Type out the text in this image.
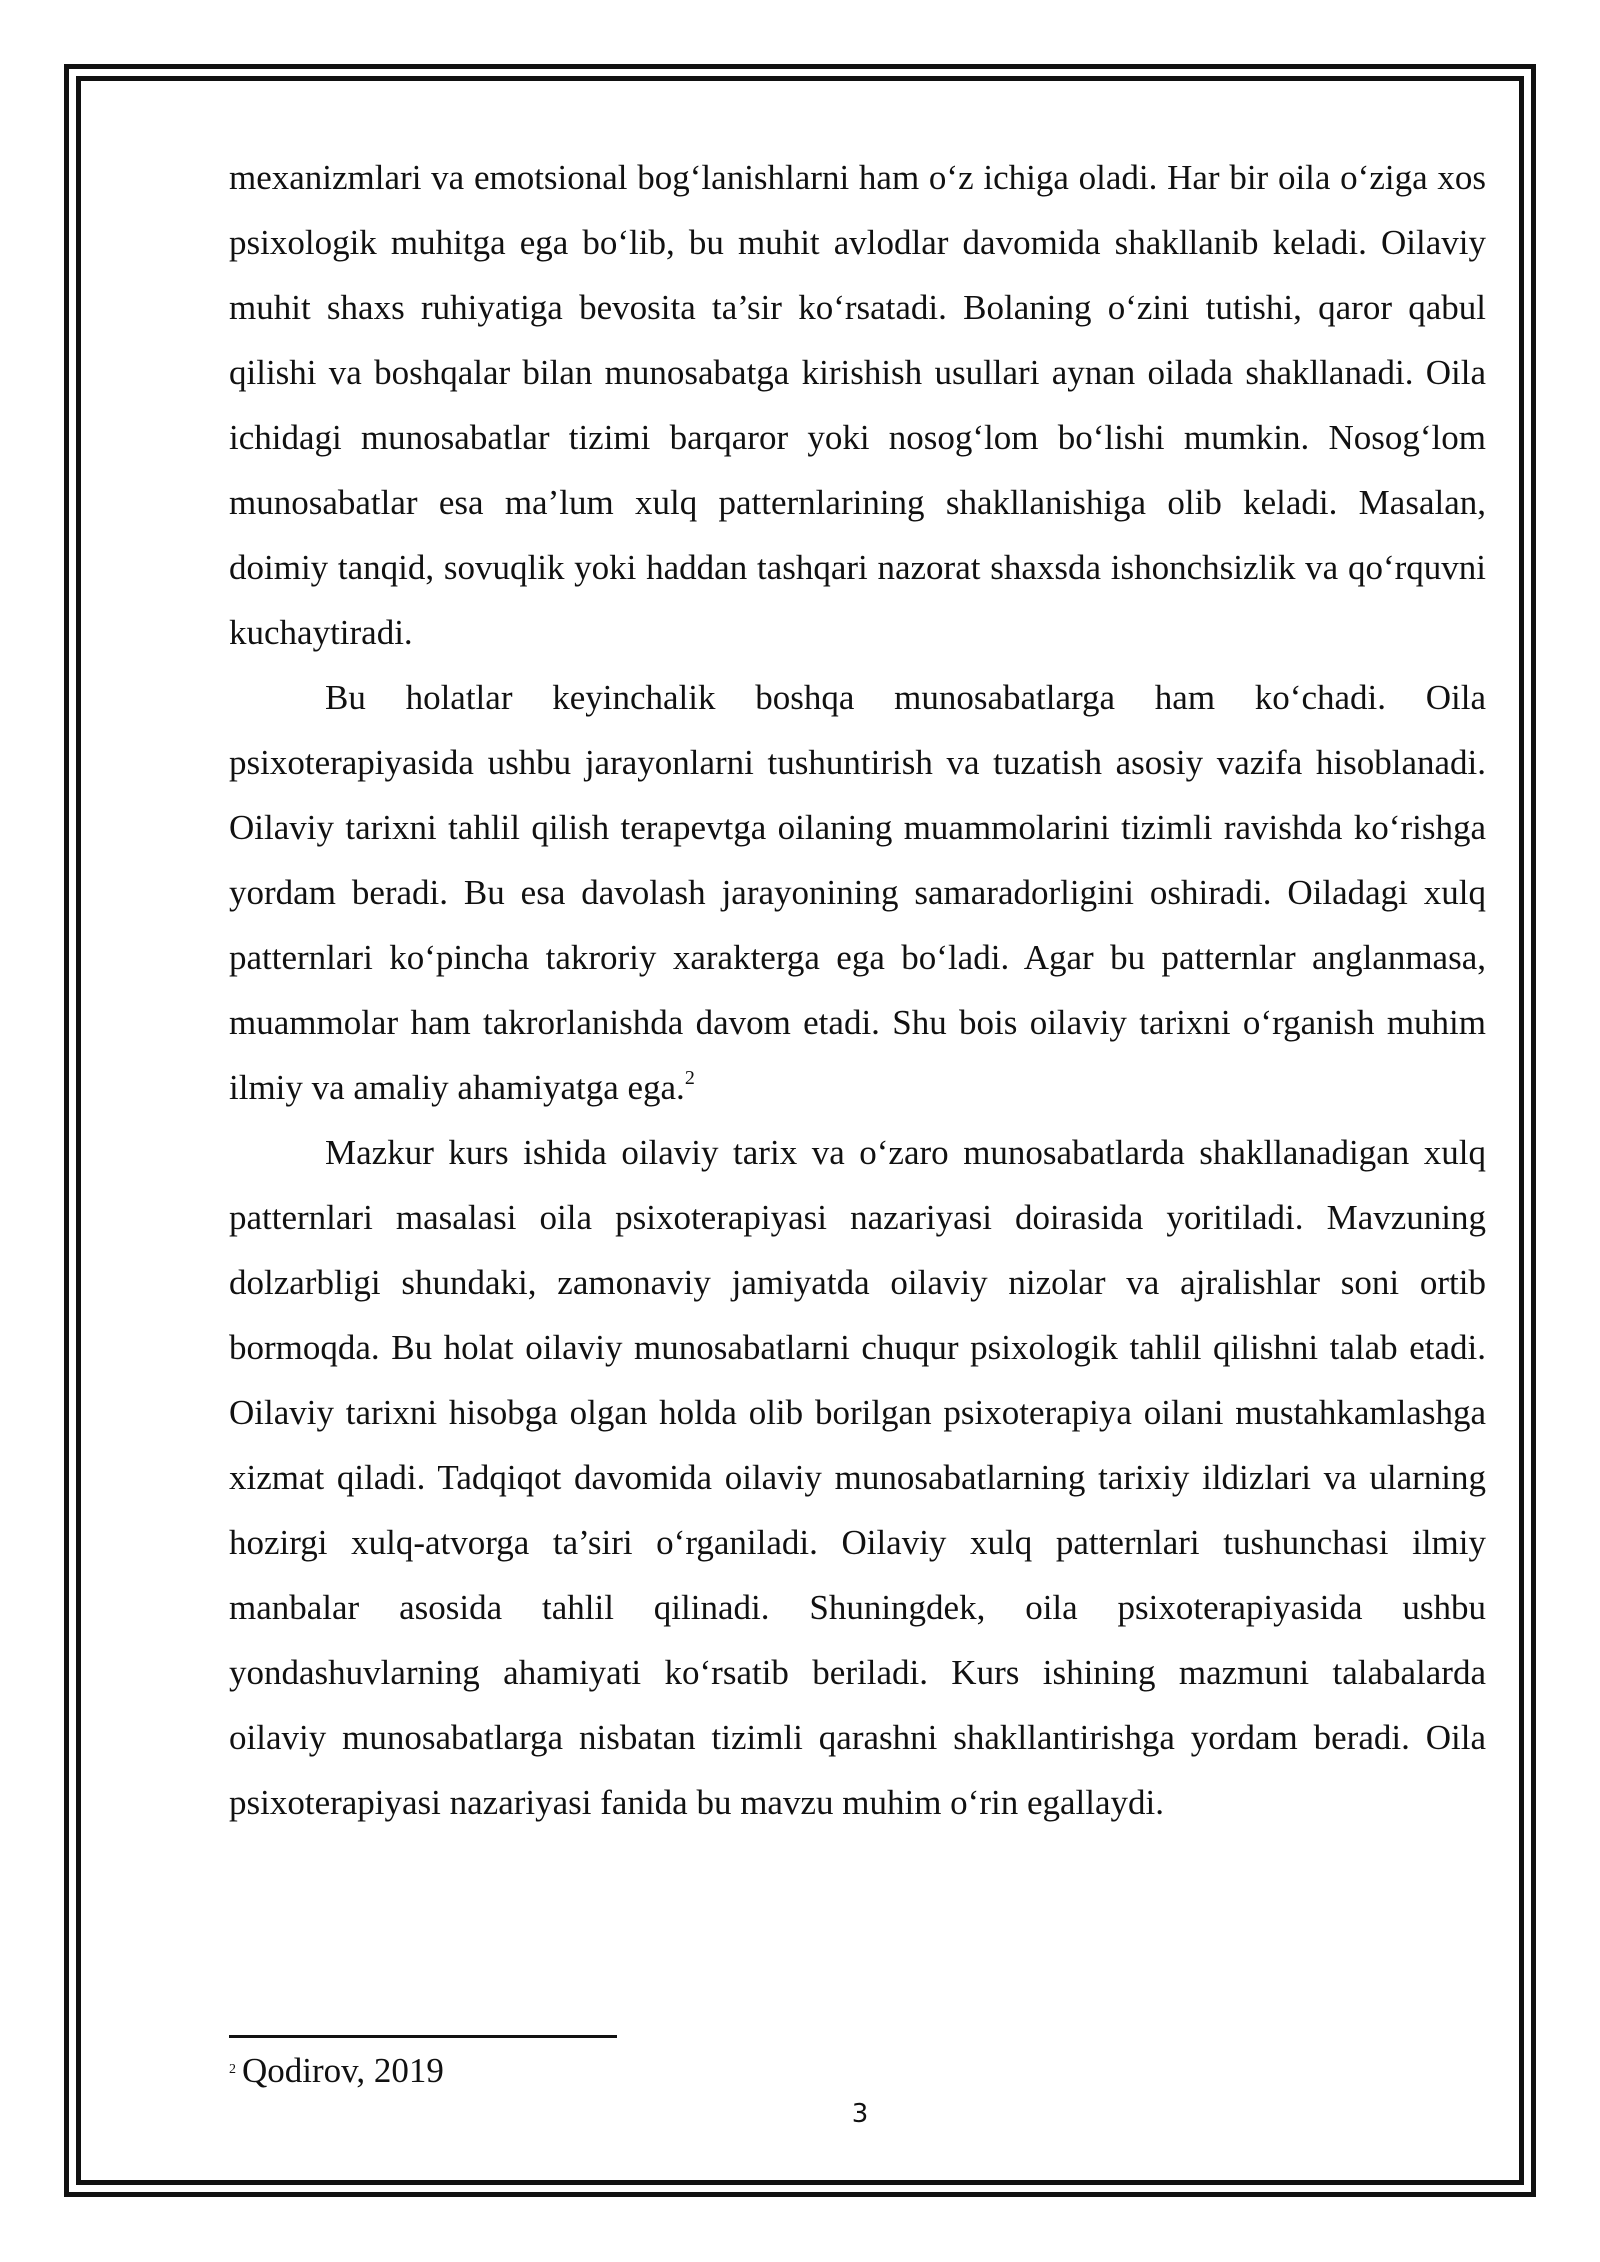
mexanizmlari va emotsional bog‘lanishlarni ham o‘z ichiga oladi. Har bir oila o‘ziga xos psixologik muhitga ega bo‘lib, bu muhit avlodlar davomida shakllanib keladi. Oilaviy muhit shaxs ruhiyatiga bevosita ta’sir ko‘rsatadi. Bolaning o‘zini tutishi, qaror qabul qilishi va boshqalar bilan munosabatga kirishish usullari aynan oilada shakllanadi. Oila ichidagi munosabatlar tizimi barqaror yoki nosog‘lom bo‘lishi mumkin. Nosog‘lom munosabatlar esa ma’lum xulq patternlarining shakllanishiga olib keladi. Masalan, doimiy tanqid, sovuqlik yoki haddan tashqari nazorat shaxsda ishonchsizlik va qo‘rquvni kuchaytiradi.

Bu holatlar keyinchalik boshqa munosabatlarga ham ko‘chadi. Oila psixoterapiyasida ushbu jarayonlarni tushuntirish va tuzatish asosiy vazifa hisoblanadi. Oilaviy tarixni tahlil qilish terapevtga oilaning muammolarini tizimli ravishda ko‘rishga yordam beradi. Bu esa davolash jarayonining samaradorligini oshiradi. Oiladagi xulq patternlari ko‘pincha takroriy xarakterga ega bo‘ladi. Agar bu patternlar anglanmasa, muammolar ham takrorlanishda davom etadi. Shu bois oilaviy tarixni o‘rganish muhim ilmiy va amaliy ahamiyatga ega.$^2$

Mazkur kurs ishida oilaviy tarix va o‘zaro munosabatlarda shakllanadigan xulq patternlari masalasi oila psixoterapiyasi nazariyasi doirasida yoritiladi. Mavzuning dolzarbligi shundaki, zamonaviy jamiyatda oilaviy nizolar va ajralishlar soni ortib bormoqda. Bu holat oilaviy munosabatlarni chuqur psixologik tahlil qilishni talab etadi. Oilaviy tarixni hisobga olgan holda olib borilgan psixoterapiya oilani mustahkamlashga xizmat qiladi. Tadqiqot davomida oilaviy munosabatlarning tarixiy ildizlari va ularning hozirgi xulq-atvorga ta’siri o‘rganiladi. Oilaviy xulq patternlari tushunchasi ilmiy manbalar asosida tahlil qilinadi. Shuningdek, oila psixoterapiyasida ushbu yondashuvlarning ahamiyati ko‘rsatib beriladi. Kurs ishining mazmuni talabalarda oilaviy munosabatlarga nisbatan tizimli qarashni shakllantirishga yordam beradi. Oila psixoterapiyasi nazariyasi fanida bu mavzu muhim o‘rin egallaydi.

$^2$ Qodirov, 2019
3
